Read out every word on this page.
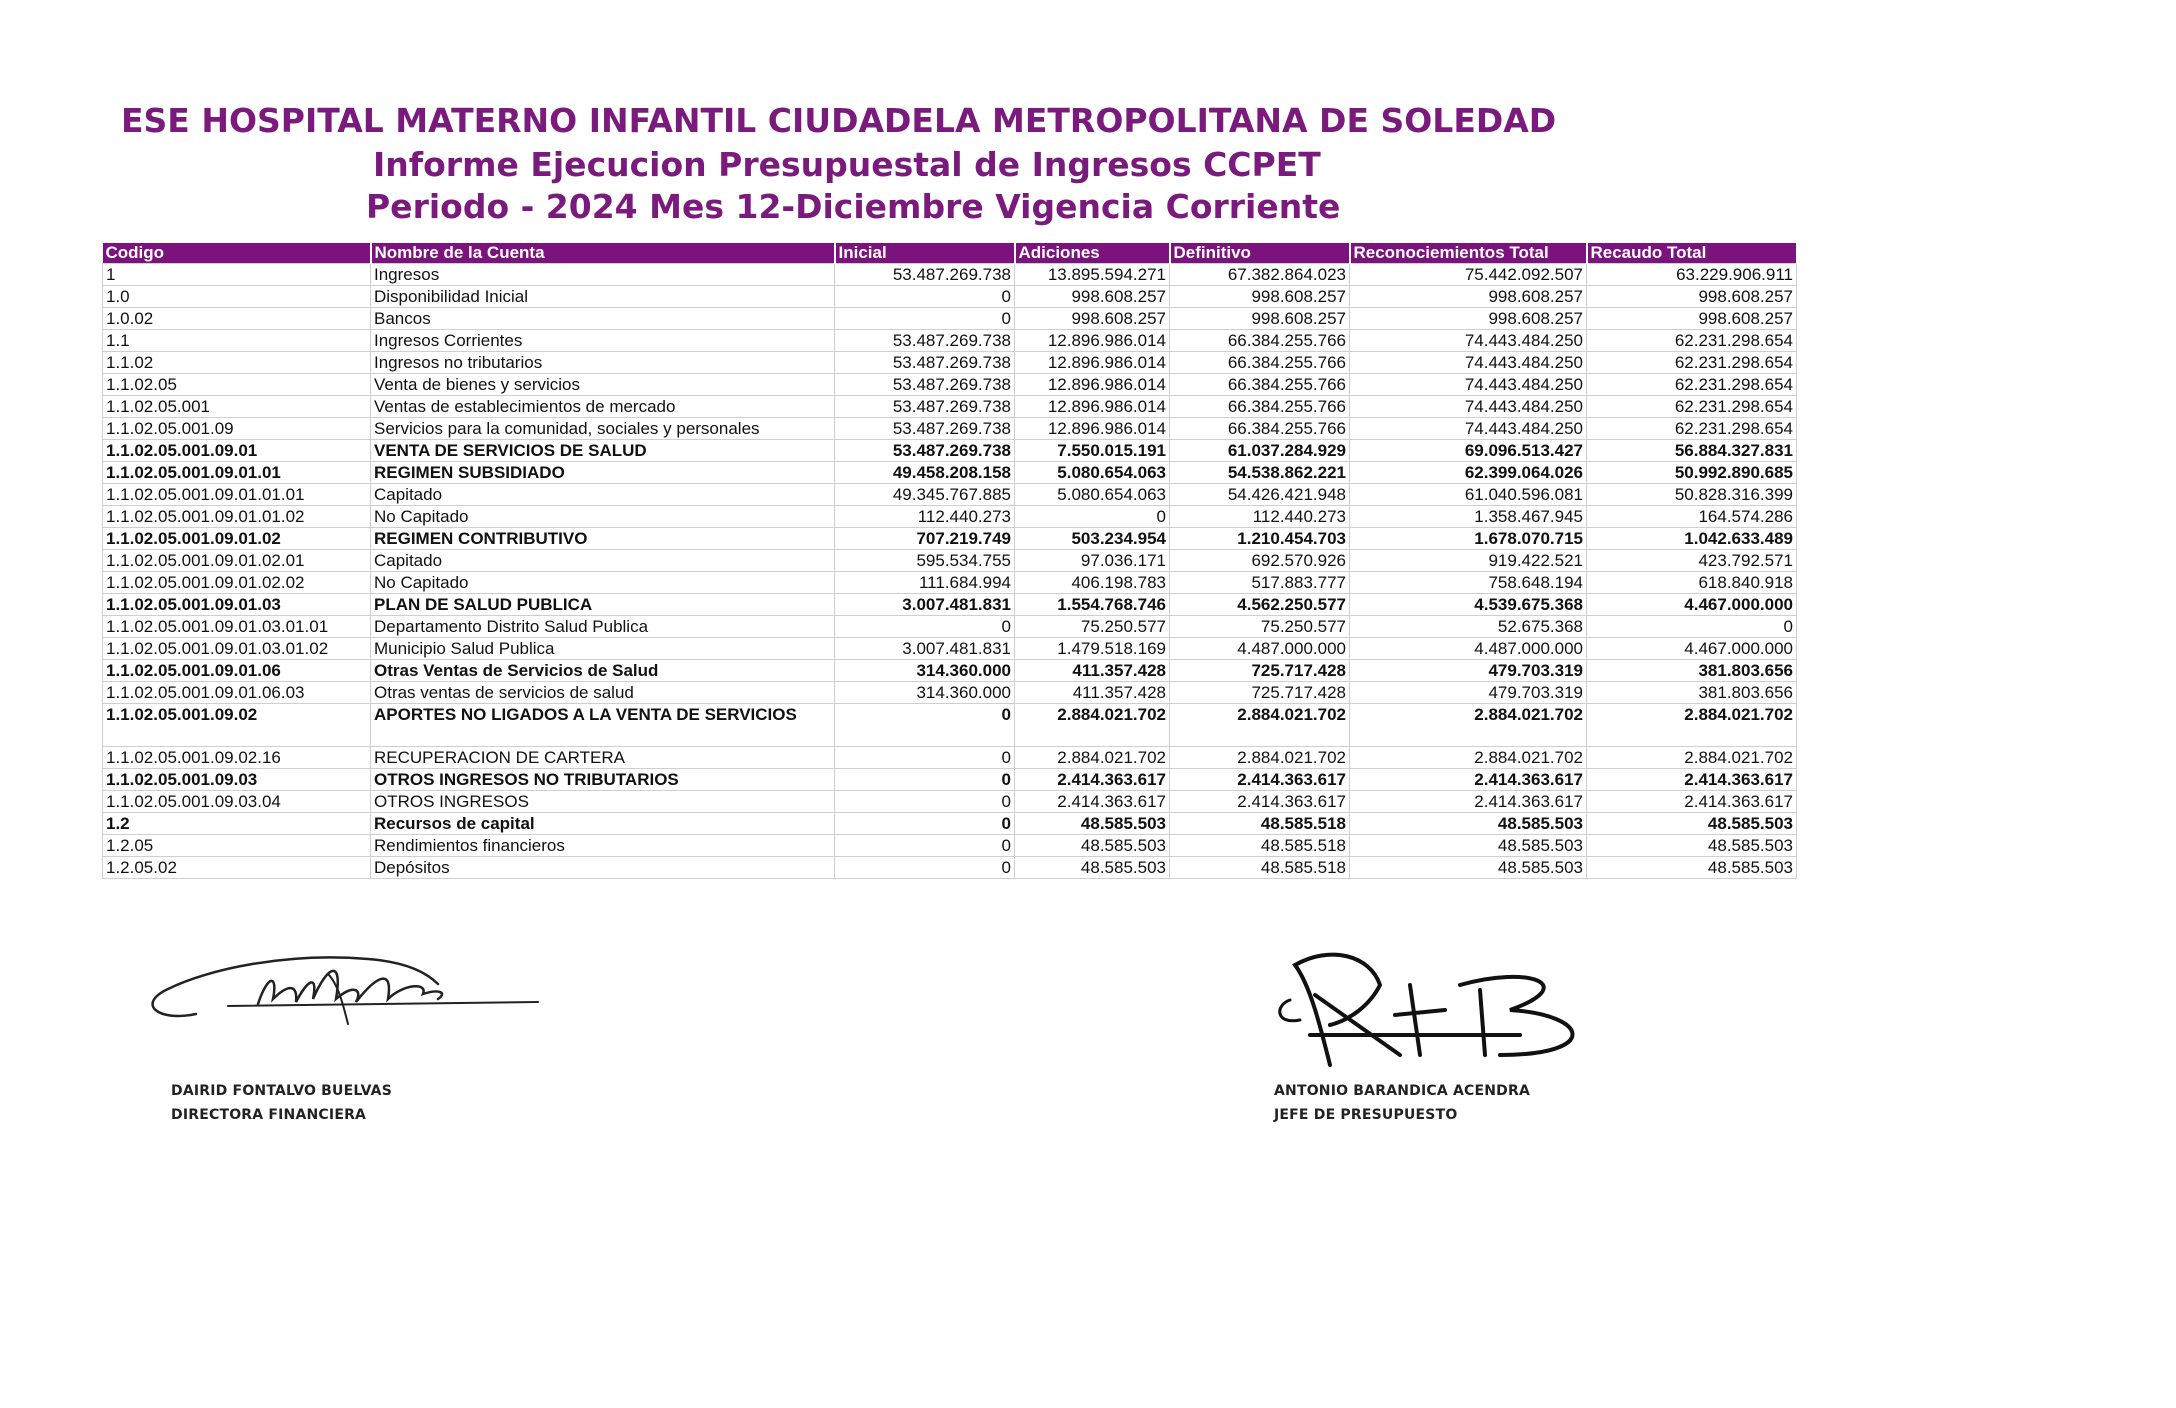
ESE HOSPITAL MATERNO INFANTIL CIUDADELA METROPOLITANA DE SOLEDAD
Informe Ejecucion Presupuestal de Ingresos CCPET
Periodo - 2024 Mes 12-Diciembre Vigencia Corriente
Codigo	Nombre de la Cuenta	Inicial	Adiciones	Definitivo	Reconociemientos Total	Recaudo Total
1	Ingresos	53.487.269.738	13.895.594.271	67.382.864.023	75.442.092.507	63.229.906.911
1.0	Disponibilidad Inicial	0	998.608.257	998.608.257	998.608.257	998.608.257
1.0.02	Bancos	0	998.608.257	998.608.257	998.608.257	998.608.257
1.1	Ingresos Corrientes	53.487.269.738	12.896.986.014	66.384.255.766	74.443.484.250	62.231.298.654
1.1.02	Ingresos no tributarios	53.487.269.738	12.896.986.014	66.384.255.766	74.443.484.250	62.231.298.654
1.1.02.05	Venta de bienes y servicios	53.487.269.738	12.896.986.014	66.384.255.766	74.443.484.250	62.231.298.654
1.1.02.05.001	Ventas de establecimientos de mercado	53.487.269.738	12.896.986.014	66.384.255.766	74.443.484.250	62.231.298.654
1.1.02.05.001.09	Servicios para la comunidad, sociales y personales	53.487.269.738	12.896.986.014	66.384.255.766	74.443.484.250	62.231.298.654
1.1.02.05.001.09.01	VENTA DE SERVICIOS DE SALUD	53.487.269.738	7.550.015.191	61.037.284.929	69.096.513.427	56.884.327.831
1.1.02.05.001.09.01.01	REGIMEN SUBSIDIADO	49.458.208.158	5.080.654.063	54.538.862.221	62.399.064.026	50.992.890.685
1.1.02.05.001.09.01.01.01	Capitado	49.345.767.885	5.080.654.063	54.426.421.948	61.040.596.081	50.828.316.399
1.1.02.05.001.09.01.01.02	No Capitado	112.440.273	0	112.440.273	1.358.467.945	164.574.286
1.1.02.05.001.09.01.02	REGIMEN CONTRIBUTIVO	707.219.749	503.234.954	1.210.454.703	1.678.070.715	1.042.633.489
1.1.02.05.001.09.01.02.01	Capitado	595.534.755	97.036.171	692.570.926	919.422.521	423.792.571
1.1.02.05.001.09.01.02.02	No Capitado	111.684.994	406.198.783	517.883.777	758.648.194	618.840.918
1.1.02.05.001.09.01.03	PLAN DE SALUD PUBLICA	3.007.481.831	1.554.768.746	4.562.250.577	4.539.675.368	4.467.000.000
1.1.02.05.001.09.01.03.01.01	Departamento Distrito Salud Publica	0	75.250.577	75.250.577	52.675.368	0
1.1.02.05.001.09.01.03.01.02	Municipio Salud Publica	3.007.481.831	1.479.518.169	4.487.000.000	4.487.000.000	4.467.000.000
1.1.02.05.001.09.01.06	Otras Ventas de Servicios de Salud	314.360.000	411.357.428	725.717.428	479.703.319	381.803.656
1.1.02.05.001.09.01.06.03	Otras ventas de servicios de salud	314.360.000	411.357.428	725.717.428	479.703.319	381.803.656
1.1.02.05.001.09.02	APORTES NO LIGADOS A LA VENTA DE SERVICIOS	0	2.884.021.702	2.884.021.702	2.884.021.702	2.884.021.702
1.1.02.05.001.09.02.16	RECUPERACION DE CARTERA	0	2.884.021.702	2.884.021.702	2.884.021.702	2.884.021.702
1.1.02.05.001.09.03	OTROS INGRESOS NO TRIBUTARIOS	0	2.414.363.617	2.414.363.617	2.414.363.617	2.414.363.617
1.1.02.05.001.09.03.04	OTROS INGRESOS	0	2.414.363.617	2.414.363.617	2.414.363.617	2.414.363.617
1.2	Recursos de capital	0	48.585.503	48.585.518	48.585.503	48.585.503
1.2.05	Rendimientos financieros	0	48.585.503	48.585.518	48.585.503	48.585.503
1.2.05.02	Depósitos	0	48.585.503	48.585.518	48.585.503	48.585.503
DAIRID FONTALVO BUELVAS
DIRECTORA FINANCIERA
ANTONIO BARANDICA ACENDRA
JEFE DE PRESUPUESTO
